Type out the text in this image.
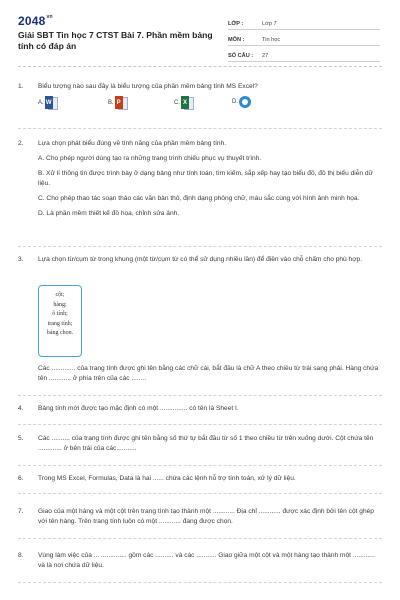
$2048^{vn}$
Giải SBT Tin học 7 CTST Bài 7. Phần mềm bảng tính có đáp án
LỚP :	Lớp 7
MÔN :	Tin học
SỐ CÂU :	27
1.	Biểu tượng nào sau đây là biểu tượng của phần mềm bảng tính MS Excel?

A. W	B. P	C. X	D.
2.	Lựa chọn phát biểu đúng về tính năng của phần mềm bảng tính.

A. Cho phép người dùng tạo ra những trang trình chiếu phục vụ thuyết trình.
B. Xử lí thông tin được trình bày ở dạng bảng như tính toán, tìm kiếm, sắp xếp hay tạo biểu đồ, đồ thị biểu diễn dữ liệu.
C. Cho phép thao tác soạn thảo các văn bản thô, định dạng phông chữ, màu sắc cùng với hình ảnh minh họa.
D. Là phần mềm thiết kế đồ họa, chỉnh sửa ảnh.
3.	Lựa chọn từ/cụm từ trong khung (một từ/cụm từ có thể sử dụng nhiều lần) để điền vào chỗ chấm cho phù hợp.

cột;
hàng;
ô tính;
trang tính;
bảng chọn.

Các ............. của trang tính được ghi tên bằng các chữ cái, bắt đầu là chữ A theo chiều từ trái sang phải. Hàng chứa tên ............ ở phía trên của các ........

4.	Bảng tính mới được tạo mặc định có một ............... có tên là Sheet I.

5.	Các .......... của trang tính được ghi tên bằng số thứ tự bắt đầu từ số 1 theo chiều từ trên xuống dưới. Cột chứa tên ............. ở bên trái của các...........

6.	Trong MS Excel, Formulas, Data là hai ...... chứa các lệnh hỗ trợ tính toán, xử lý dữ liệu.

7.	Giao của một hàng và một cột trên trang tính tạo thành một ............ Địa chỉ ............ được xác định bởi tên cột ghép với tên hàng. Trên trang tính luôn có một ............ đang được chọn.

8.	Vùng làm việc của ... .............. gồm các .......... và các ........... Giao giữa một cột và một hàng tạo thành một ............ và là nơi chứa dữ liệu.
